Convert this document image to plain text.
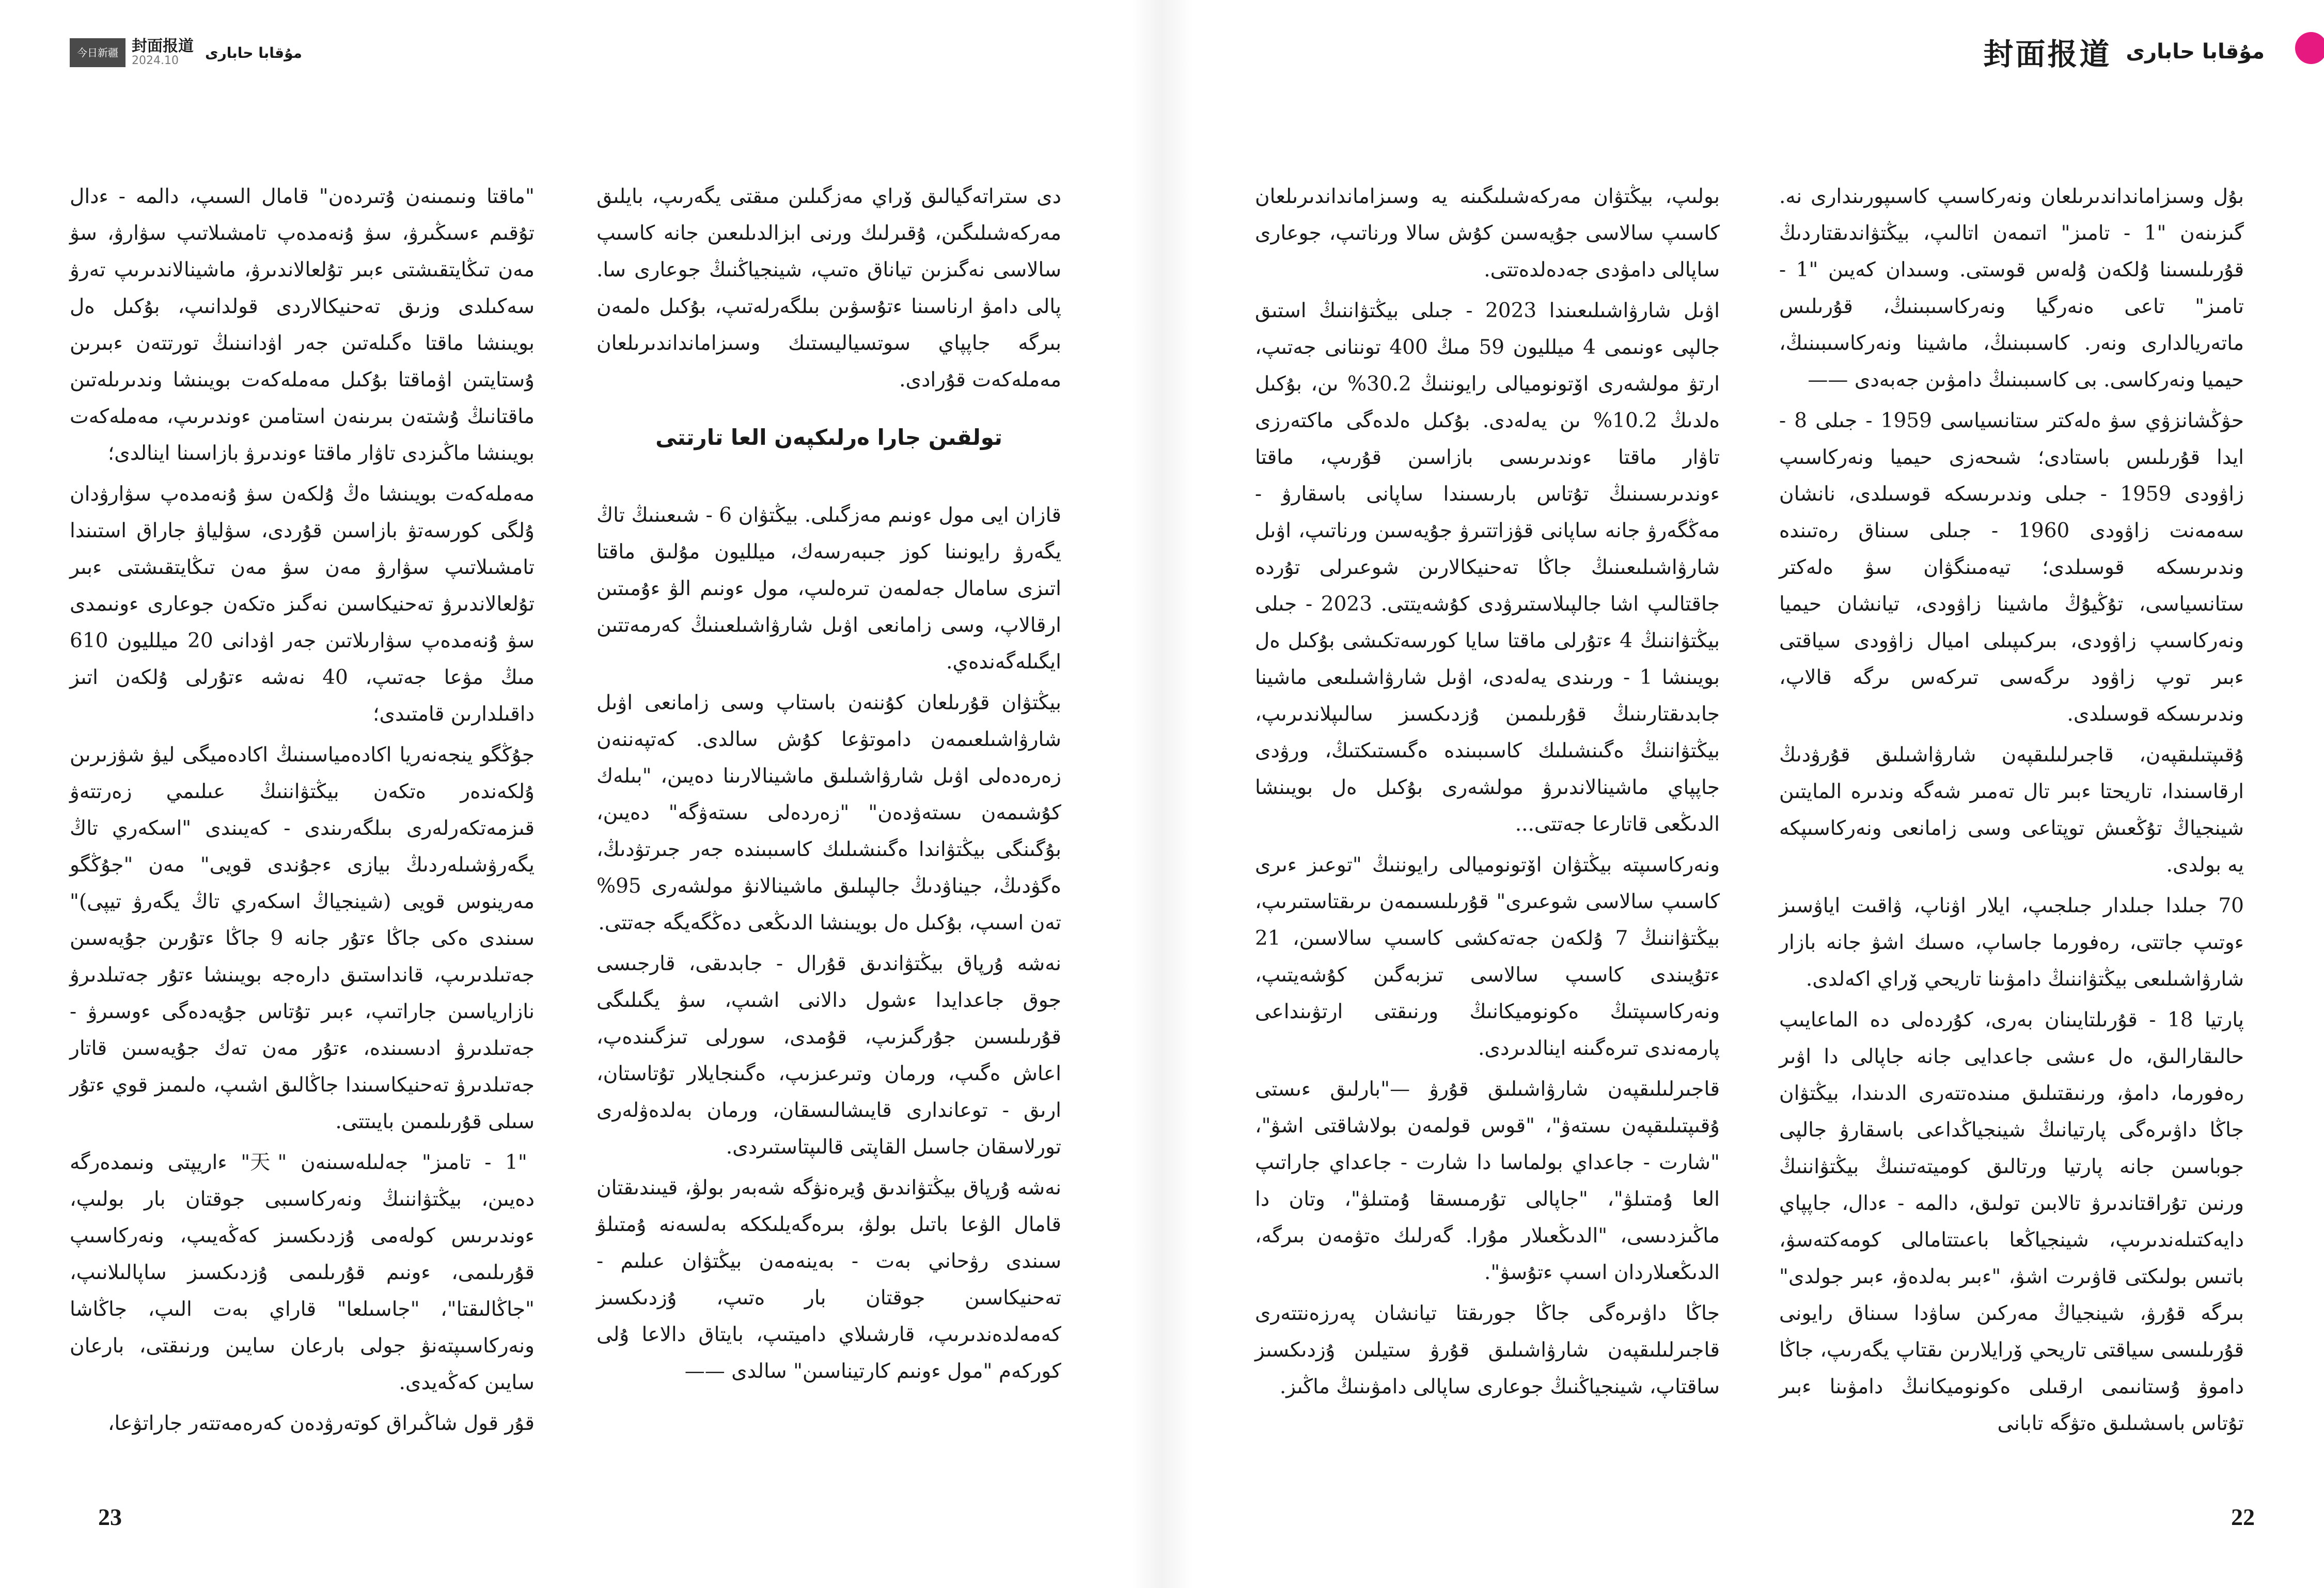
今日新疆 封面报道
2024.10	مۇقابا حابارى

"ماقتا ونىمىنەن ۇتىردەن" قامال السىپ، دالمە - ءدال تۇقىم ءسىڭىرۋ، سۋ ۇنەمدەپ تامشىلاتىپ سۋارۋ، سۋ مەن تىڭايتقىشتى ءبىر تۇلعالاندىرۋ، ماشينالاندىرىپ تەرۋ سەكىلدى وزىق تەحنيكالاردى قولدانىپ، بۇكىل ەل بويىنشا ماقتا ەگىلەتىن جەر اۋدانىنىڭ تورتتەن ءبىرىن ۇستايتىن اۋماقتا بۇكىل مەملەكەت بويىنشا وندىرىلەتىن ماقتانىڭ ۇشتەن بىرىنەن استامىن ءوندىرىپ، مەملەكەت بويىنشا ماڭىزدى تاۋار ماقتا ءوندىرۋ بازاسىنا اينالدى؛

مەملەكەت بويىنشا ەڭ ۇلكەن سۋ ۇنەمدەپ سۋارۋدان ۇلگى كورسەتۋ بازاسىن قۇردى، سۋلياۋ جاراق استىندا تامشىلاتىپ سۋارۋ مەن سۋ مەن تىڭايتقىشتى ءبىر تۇلعالاندىرۋ تەحنيكاسىن نەگىز ەتكەن جوعارى ءونىمدى سۋ ۇنەمدەپ سۋارىلاتىن جەر اۋدانى 20 ميلليون 610 مىڭ مۋعا جەتىپ، 40 نەشە ءتۇرلى ۇلكەن اتىز داقىلدارىن قامتىدى؛

جۇڭگو ينجەنەريا اكادەمياسىنىڭ اكادەميگى ليۋ شۋزىرىن ۇلكەندەر ەتكەن بيڭتۋاننىڭ عىلىمي زەرتتەۋ قىزمەتكەرلەرى بىلگەرىندى - كەيىندى "اسكەري تاڭ يگەرۋشىلەردىڭ بيازى ءجۇندى قويى" مەن "جۇڭگو مەرينوس قويى (شينجياڭ اسكەري تاڭ يگەرۋ تيپى)" سىندى ەكى جاڭا ءتۇر جانە 9 جاڭا ءتۇرىن جۇيەسىن جەتىلدىرىپ، قانداستىق دارەجە بويىنشا ءتۇر جەتىلدىرۋ نازارياسىن جاراتىپ، ءبىر تۇتاس جۇيەدەگى ءوسىرۋ - جەتىلدىرۋ ادىسىندە، ءتۇر مەن تەك جۇيەسىن قاتار جەتىلدىرۋ تەحنيكاسىندا جاڭالىق اشىپ، ەلىمىز قوي ءتۇر سىلى قۇرىلىمىن بايىتتى.

"1 - تامىز" جەلىلەسىنەن "天" ءاريپتى ونىمدەرگە دەيىن، بيڭتۋاننىڭ ونەركاسىبى جوقتان بار بولىپ، ءوندىرىس كولەمى ۇزدىكسىز كەڭەيىپ، ونەركاسىپ قۇرىلىمى، ءونىم قۇرىلىمى ۇزدىكسىز ساپالىلانىپ، "جاڭالىقتا"، "جاسىلعا" قاراي بەت الىپ، جاڭاشا ونەركاسىپتەنۋ جولى بارعان سايىن ورنىقتى، بارعان سايىن كەڭەيدى.

قۇر قول شاڭىراق كوتەرۋدەن كەرەمەتتەر جاراتۋعا،

دى ستراتەگيالىق ۆراي مەزگىلىن مىقتى يگەرىپ، بايلىق مەركەشىلىگىن، ۇقىرلىك ورنى ابزالدىلىعىن جانە كاسىپ سالاسى نەگىزىن تياناق ەتىپ، شينجياڭنىڭ جوعارى سا. پالى دامۋ ارناسىنا ءتۇسۋىن بىلگەرلەتىپ، بۇكىل ەلمەن بىرگە جاپپاي سوتسياليستىك وسىزامانداندىرىلعان مەملەكەت قۇرادى.

تولقىن جارا ەرلىكپەن العا تارتتى

قازان ايى مول ءونىم مەزگىلى. بيڭتۋان 6 - شىعىنىڭ تاڭ يگەرۋ رايونىنا كوز جىبەرسەك، ميلليون مۇلىق ماقتا اتىزى سامال جەلمەن تىرەلىپ، مول ءونىم الۋ ءۇمىتىن ارقالاپ، وسى زامانعى اۋىل شارۋاشىلعىنىڭ كەرمەتتىن ايگىلەگەندەي.

بيڭتۋان قۇرىلعان كۇننەن باستاپ وسى زامانعى اۋىل شارۋاشىلعىمەن داموتۋعا كۇش سالدى. كەتپەننەن زەرەدەلى اۋىل شارۋاشىلىق ماشينالارىنا دەيىن، "بىلەك كۇشىمەن ىستەۋدەن" "زەردەلى ىستەۋگە" دەيىن، بۇگىنگى بيڭتۋاندا ەگىنشىلىك كاسىبىندە جەر جىرتۋدىڭ، ەگۋدىڭ، جيناۋدىڭ جالپىلىق ماشينالانۋ مولشەرى 95% تەن اسىپ، بۇكىل ەل بويىنشا الدىڭعى دەڭگەيگە جەتتى.

نەشە ۇرپاق بيڭتۋاندىق قۇرال - جابدىقى، قارجىسى جوق جاعدايدا ءشول دالانى اشىپ، سۋ يگىلىگى قۇرىلىسىن جۇرگىزىپ، قۇمدى، سورلى تىزگىندەپ، اعاش ەگىپ، ورمان وتىرعىزىپ، ەگىنجايلار تۇتاستان، ارىق - توعاندارى قايىشالىسقان، ورمان بەلدەۋلەرى تورلاسقان جاسىل القاپتى قالىپتاستىردى.

نەشە ۇرپاق بيڭتۋاندىق ۇيرەنۋگە شەبەر بولۋ، قيىندىقتان قامال الۋعا باتىل بولۋ، بىرەگەيلىككە بەلسەنە ۇمتىلۋ سىندى رۋحاني بەت - بەينەمەن بيڭتۋان عىلىم - تەحنيكاسىن جوقتان بار ەتىپ، ۇزدىكسىز كەمەلدەندىرىپ، قارشىلاي داميتىپ، بايتاق دالاعا ۇلى كوركەم "مول ءونىم كارتيناسىن" سالدى ——

23
封面报道 مۇقابا حابارى

بولىپ، بيڭتۋان مەركەشىلىگىنە يە وسىزامانداندىرىلعان كاسىپ سالاسى جۇيەسىن كۇش سالا ورناتىپ، جوعارى ساپالى دامۋدى جەدەلدەتتى.

اۋىل شارۋاشىلىعىندا 2023 - جىلى بيڭتۋاننىڭ استىق جالپى ءونىمى 4 ميلليون 59 مىڭ 400 توننانى جەتىپ، ارتۋ مولشەرى اۆتونوميالى رايوننىڭ 30.2% ىن، بۇكىل ەلدىڭ 10.2% ىن يەلەدى. بۇكىل ەلدەگى ماكتەرزى تاۋار ماقتا ءوندىرىسى بازاسىن قۇرىپ، ماقتا ءوندىرىسىنىڭ تۇتاس بارىسىندا ساپانى باسقارۋ - مەڭگەرۋ جانە ساپانى قۋزاتتىرۋ جۇيەسىن ورناتىپ، اۋىل شارۋاشىلىعىنىڭ جاڭا تەحنيكالارىن شوعىرلى تۇردە جاقتالىپ اشا جالپىلاستىرۋدى كۇشەيتتى. 2023 - جىلى بيڭتۋاننىڭ 4 ءتۇرلى ماقتا سايا كورسەتكىشى بۇكىل ەل بويىنشا 1 - ورىندى يەلەدى، اۋىل شارۋاشىلىعى ماشينا جابدىقتارىنىڭ قۇرىلىمىن ۇزدىكسىز سالىپلاندىرىپ، بيڭتۋاننىڭ ەگىنشىلىك كاسىبىندە ەگىستىكتىڭ، ورۋدى جاپپاي ماشينالاندىرۋ مولشەرى بۇكىل ەل بويىنشا الدىڭعى قاتارعا جەتتى...

ونەركاسىپتە بيڭتۋان اۆتونوميالى رايوننىڭ "توعىز ءىرى كاسىپ سالاسى شوعىرى" قۇرىلىسىمەن ىرىقتاستىرىپ، بيڭتۋاننىڭ 7 ۇلكەن جەتەكشى كاسىپ سالاسىن، 21 ءتۇيىندى كاسىپ سالاسى تىزبەگىن كۇشەيتىپ، ونەركاسىپتىڭ ەكونوميكانىڭ ورنىقتى ارتۋىنداعى پارمەندى تىرەگىنە اينالدىردى.

قاجىرلىلىقپەن شارۋاشىلىق قۇرۋ —"بارلىق ءىستى ۇقىپتىلىقپەن ىستەۋ"، "قوس قولمەن بولاشاقتى اشۋ"، "شارت - جاعداي بولماسا دا شارت - جاعداي جاراتىپ العا ۇمتىلۋ"، "جاپالى تۇرمىسقا ۇمتىلۋ"، وتان دا ماڭىزدىسى، "الدىڭعىلار مۇرا. گەرلىك ەتۋمەن بىرگە، الدىڭعىلاردان اسىپ ءتۇسۋ".

جاڭا داۋىرەگى جاڭا جورىقتا تيانشان پەرزەنتتەرى قاجىرلىلىقپەن شارۋاشىلىق قۇرۋ ستيلىن ۇزدىكسىز ساقتاپ، شينجياڭنىڭ جوعارى ساپالى دامۋىنىڭ ماڭىز.

بۇل وسىزامانداندىرىلعان ونەركاسىپ كاسىپورىندارى نە. گىزىنەن "1 - تامىز" اتىمەن اتالىپ، بيڭتۋاندىقتاردىڭ قۇرىلىسىنا ۇلكەن ۇلەس قوستى. وسىدان كەيىن "1 - تامىز" تاعى ەنەرگيا ونەركاسىبىنىڭ، قۇرىلىس ماتەريالدارى ونەر. كاسىبىنىڭ، ماشينا ونەركاسىبىنىڭ، حيميا ونەركاسى. بى كاسىبىنىڭ دامۋىن جەبەدى ——

حۋڭشانزۋي سۋ ەلەكتر ستانسياسى 1959 - جىلى 8 - ايدا قۇرىلىس باستادى؛ شىحەزى حيميا ونەركاسىپ زاۋودى 1959 - جىلى وندىرىسكە قوسىلدى، نانشان سەمەنت زاۋودى 1960 - جىلى سىناق رەتىندە وندىرىسكە قوسىلدى؛ تيەمىنگۋان سۋ ەلەكتر ستانسياسى، تۇڭيۇڭ ماشينا زاۋودى، تيانشان حيميا ونەركاسىپ زاۋودى، بىركىپىلى اميال زاۋودى سياقتى ءبىر توپ زاۋود ىرگەسى تىركەس ىرگە قالاپ، وندىرىسكە قوسىلدى.

ۇقىپتىلىقپەن، قاجىرلىلىقپەن شارۋاشىلىق قۇرۋدىڭ ارقاسىندا، تاريحتا ءبىر تال تەمىر شەگە وندىرە المايتىن شينجياڭ تۇڭعىش توپتاعى وسى زامانعى ونەركاسىپكە يە بولدى.

70 جىلدا جىلدار جىلجىپ، ايلار اۋناپ، ۋاقىت اياۋسىز ءوتىپ جاتتى، رەفورما جاساپ، ەسىك اشۋ جانە بازار شارۋاشىلىعى بيڭتۋاننىڭ دامۋىنا تاريحي ۆراي اكەلدى.

پارتيا 18 - قۇرىلتايىنان بەرى، كۇردەلى دە الماعايىپ حالىقارالىق، ەل ءىشى جاعدايى جانە جاپالى دا اۋىر رەفورما، دامۋ، ورنىقتىلىق مىندەتتەرى الدىندا، بيڭتۋان جاڭا داۋىرەگى پارتيانىڭ شينجياڭداعى باسقارۋ جالپى جوباسىن جانە پارتيا ورتالىق كوميتەتىنىڭ بيڭتۋاننىڭ ورنىن تۇراقتاندىرۋ تالابىن تولىق، دالمە - ءدال، جاپپاي دايەكتىلەندىرىپ، شينجياڭعا باعىتتامالى كومەكتەسۋ، باتىس بولىكتى قاۋىرت اشۋ، "ءبىر بەلدەۋ، ءبىر جولدى" بىرگە قۇرۋ، شينجياڭ مەركىن ساۋدا سىناق رايونى قۇرىلىسى سياقتى تاريحي ۆرايلارىن ىقتاپ يگەرىپ، جاڭا داموۋ ۇستانىمى ارقىلى ەكونوميكانىڭ دامۋىنا ءبىر تۇتاس باسشىلىق ەتۋگە تابانى

22
